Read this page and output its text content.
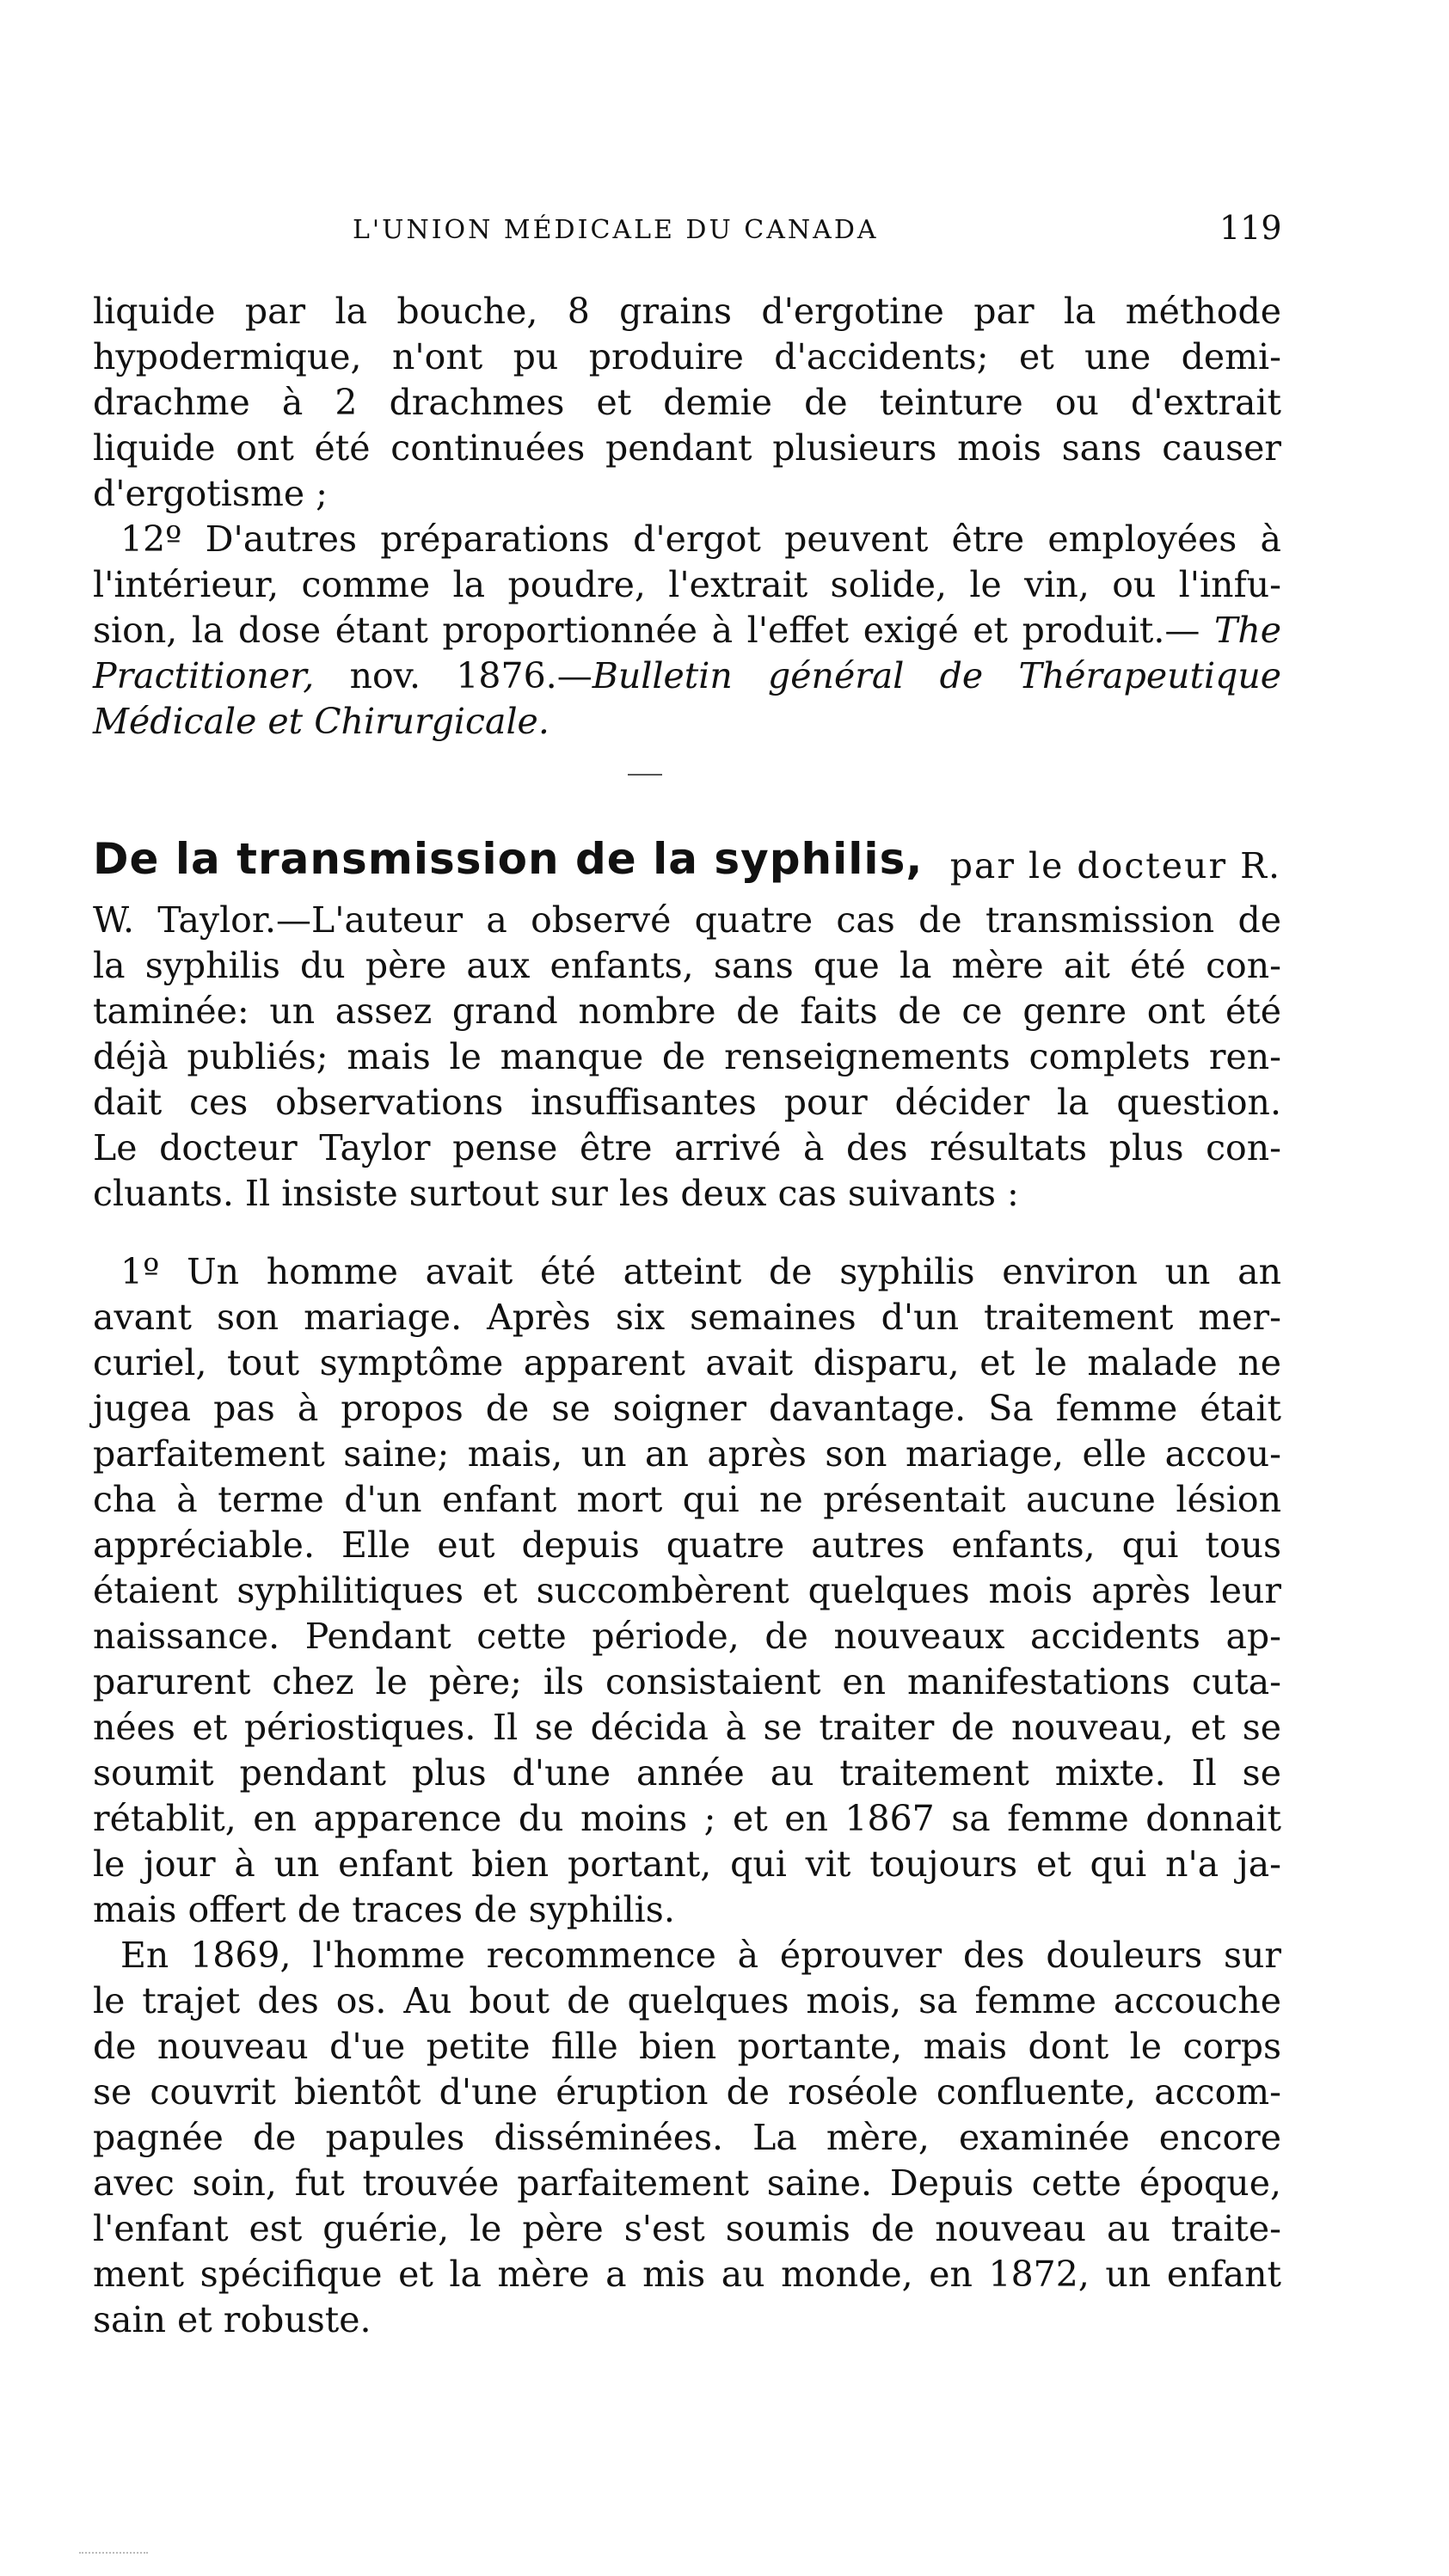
L'UNION MÉDICALE DU CANADA	119
liquide par la bouche, 8 grains d'ergotine par la méthode
hypodermique, n'ont pu produire d'accidents; et une demi-
drachme à 2 drachmes et demie de teinture ou d'extrait
liquide ont été continuées pendant plusieurs mois sans causer
d'ergotisme ;
12º D'autres préparations d'ergot peuvent être employées à
l'intérieur, comme la poudre, l'extrait solide, le vin, ou l'infu-
sion, la dose étant proportionnée à l'effet exigé et produit.— The
Practitioner, nov. 1876.—Bulletin général de Thérapeutique
Médicale et Chirurgicale.
De la transmission de la syphilis, par le docteur R.
W. Taylor.—L'auteur a observé quatre cas de transmission de
la syphilis du père aux enfants, sans que la mère ait été con-
taminée: un assez grand nombre de faits de ce genre ont été
déjà publiés; mais le manque de renseignements complets ren-
dait ces observations insuffisantes pour décider la question.
Le docteur Taylor pense être arrivé à des résultats plus con-
cluants. Il insiste surtout sur les deux cas suivants :
1º Un homme avait été atteint de syphilis environ un an
avant son mariage. Après six semaines d'un traitement mer-
curiel, tout symptôme apparent avait disparu, et le malade ne
jugea pas à propos de se soigner davantage. Sa femme était
parfaitement saine; mais, un an après son mariage, elle accou-
cha à terme d'un enfant mort qui ne présentait aucune lésion
appréciable. Elle eut depuis quatre autres enfants, qui tous
étaient syphilitiques et succombèrent quelques mois après leur
naissance. Pendant cette période, de nouveaux accidents ap-
parurent chez le père; ils consistaient en manifestations cuta-
nées et périostiques. Il se décida à se traiter de nouveau, et se
soumit pendant plus d'une année au traitement mixte. Il se
rétablit, en apparence du moins ; et en 1867 sa femme donnait
le jour à un enfant bien portant, qui vit toujours et qui n'a ja-
mais offert de traces de syphilis.
En 1869, l'homme recommence à éprouver des douleurs sur
le trajet des os. Au bout de quelques mois, sa femme accouche
de nouveau d'ue petite fille bien portante, mais dont le corps
se couvrit bientôt d'une éruption de roséole confluente, accom-
pagnée de papules disséminées. La mère, examinée encore
avec soin, fut trouvée parfaitement saine. Depuis cette époque,
l'enfant est guérie, le père s'est soumis de nouveau au traite-
ment spécifique et la mère a mis au monde, en 1872, un enfant
sain et robuste.
